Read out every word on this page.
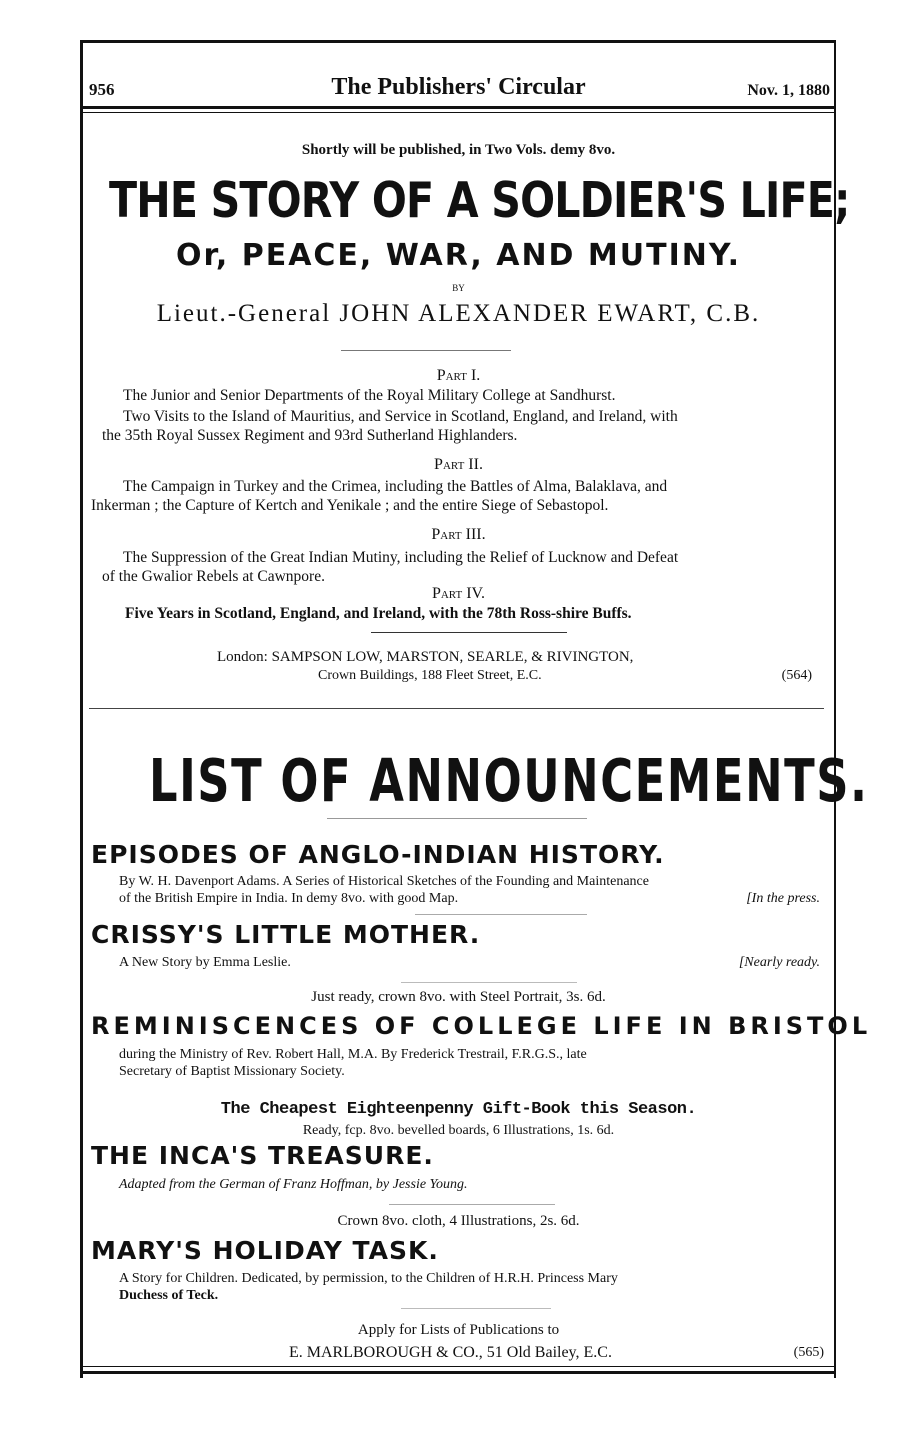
956	The Publishers' Circular	Nov. 1, 1880
Shortly will be published, in Two Vols. demy 8vo.
THE STORY OF A SOLDIER'S LIFE;
Or, PEACE, WAR, AND MUTINY.
BY
Lieut.-General JOHN ALEXANDER EWART, C.B.
Part I.
The Junior and Senior Departments of the Royal Military College at Sandhurst.
Two Visits to the Island of Mauritius, and Service in Scotland, England, and Ireland, with
the 35th Royal Sussex Regiment and 93rd Sutherland Highlanders.
Part II.
The Campaign in Turkey and the Crimea, including the Battles of Alma, Balaklava, and
Inkerman ; the Capture of Kertch and Yenikale ; and the entire Siege of Sebastopol.
Part III.
The Suppression of the Great Indian Mutiny, including the Relief of Lucknow and Defeat
of the Gwalior Rebels at Cawnpore.
Part IV.
Five Years in Scotland, England, and Ireland, with the 78th Ross-shire Buffs.
London: SAMPSON LOW, MARSTON, SEARLE, & RIVINGTON,
Crown Buildings, 188 Fleet Street, E.C.	(564)
LIST OF ANNOUNCEMENTS.
EPISODES OF ANGLO-INDIAN HISTORY.
By W. H. Davenport Adams. A Series of Historical Sketches of the Founding and Maintenance
of the British Empire in India. In demy 8vo. with good Map.	[In the press.
CRISSY'S LITTLE MOTHER.
A New Story by Emma Leslie.	[Nearly ready.
Just ready, crown 8vo. with Steel Portrait, 3s. 6d.
REMINISCENCES OF COLLEGE LIFE IN BRISTOL
during the Ministry of Rev. Robert Hall, M.A. By Frederick Trestrail, F.R.G.S., late
Secretary of Baptist Missionary Society.
The Cheapest Eighteenpenny Gift-Book this Season.
Ready, fcp. 8vo. bevelled boards, 6 Illustrations, 1s. 6d.
THE INCA'S TREASURE.
Adapted from the German of Franz Hoffman, by Jessie Young.
Crown 8vo. cloth, 4 Illustrations, 2s. 6d.
MARY'S HOLIDAY TASK.
A Story for Children. Dedicated, by permission, to the Children of H.R.H. Princess Mary
Duchess of Teck.
Apply for Lists of Publications to
E. MARLBOROUGH & CO., 51 Old Bailey, E.C.	(565)
